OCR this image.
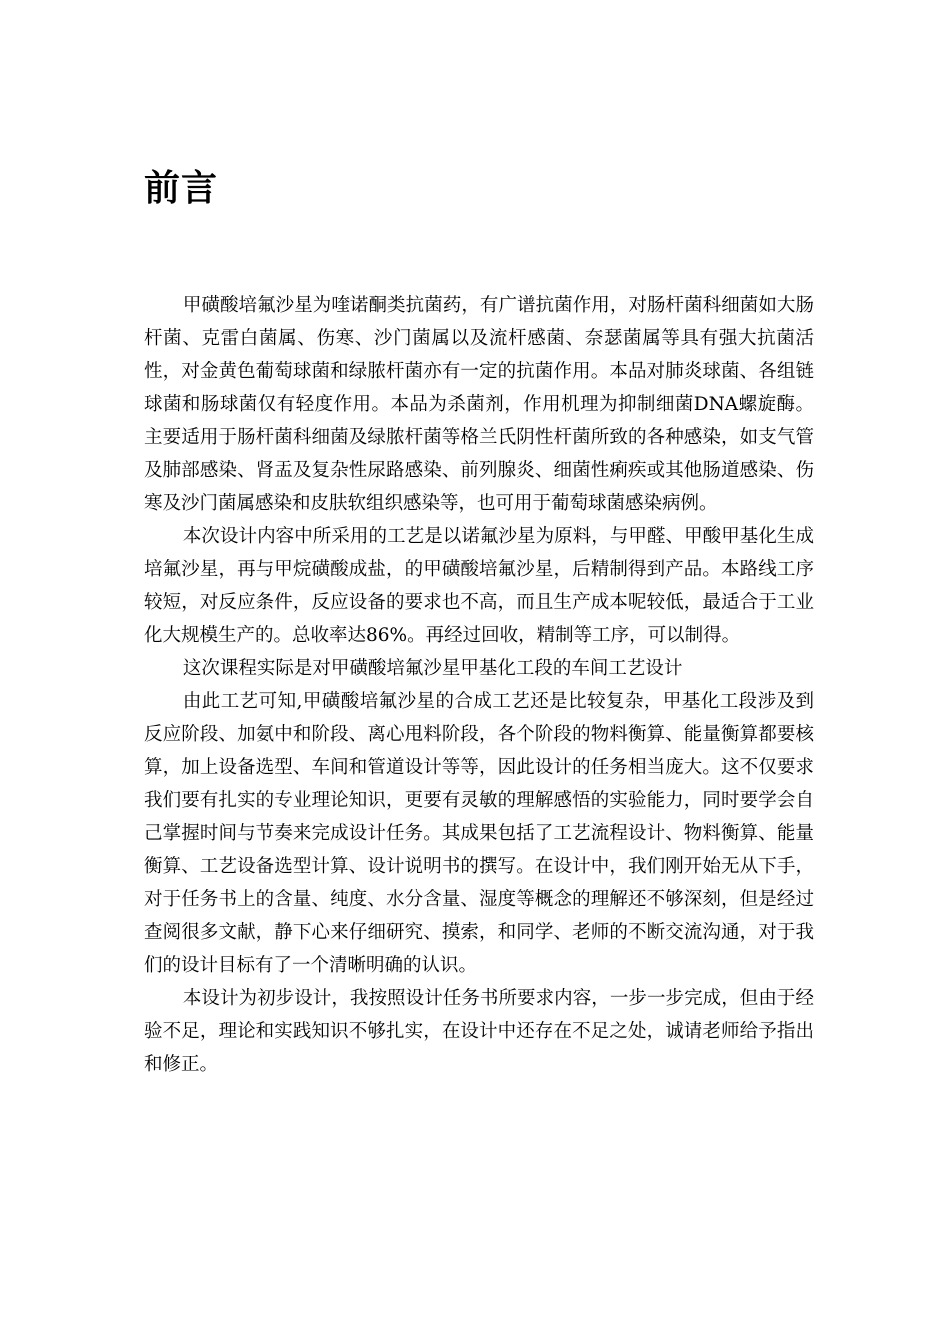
前言

甲磺酸培氟沙星为喹诺酮类抗菌药，有广谱抗菌作用，对肠杆菌科细菌如大肠杆菌、克雷白菌属、伤寒、沙门菌属以及流杆感菌、奈瑟菌属等具有强大抗菌活性，对金黄色葡萄球菌和绿脓杆菌亦有一定的抗菌作用。本品对肺炎球菌、各组链球菌和肠球菌仅有轻度作用。本品为杀菌剂，作用机理为抑制细菌DNA螺旋酶。主要适用于肠杆菌科细菌及绿脓杆菌等格兰氏阴性杆菌所致的各种感染，如支气管及肺部感染、肾盂及复杂性尿路感染、前列腺炎、细菌性痢疾或其他肠道感染、伤寒及沙门菌属感染和皮肤软组织感染等，也可用于葡萄球菌感染病例。

本次设计内容中所采用的工艺是以诺氟沙星为原料，与甲醛、甲酸甲基化生成培氟沙星，再与甲烷磺酸成盐，的甲磺酸培氟沙星，后精制得到产品。本路线工序较短，对反应条件，反应设备的要求也不高，而且生产成本呢较低，最适合于工业化大规模生产的。总收率达86%。再经过回收，精制等工序，可以制得。

这次课程实际是对甲磺酸培氟沙星甲基化工段的车间工艺设计

由此工艺可知,甲磺酸培氟沙星的合成工艺还是比较复杂，甲基化工段涉及到反应阶段、加氨中和阶段、离心甩料阶段，各个阶段的物料衡算、能量衡算都要核算，加上设备选型、车间和管道设计等等，因此设计的任务相当庞大。这不仅要求我们要有扎实的专业理论知识，更要有灵敏的理解感悟的实验能力，同时要学会自己掌握时间与节奏来完成设计任务。其成果包括了工艺流程设计、物料衡算、能量衡算、工艺设备选型计算、设计说明书的撰写。在设计中，我们刚开始无从下手，对于任务书上的含量、纯度、水分含量、湿度等概念的理解还不够深刻，但是经过查阅很多文献，静下心来仔细研究、摸索，和同学、老师的不断交流沟通，对于我们的设计目标有了一个清晰明确的认识。

本设计为初步设计，我按照设计任务书所要求内容，一步一步完成，但由于经验不足，理论和实践知识不够扎实，在设计中还存在不足之处，诚请老师给予指出和修正。
